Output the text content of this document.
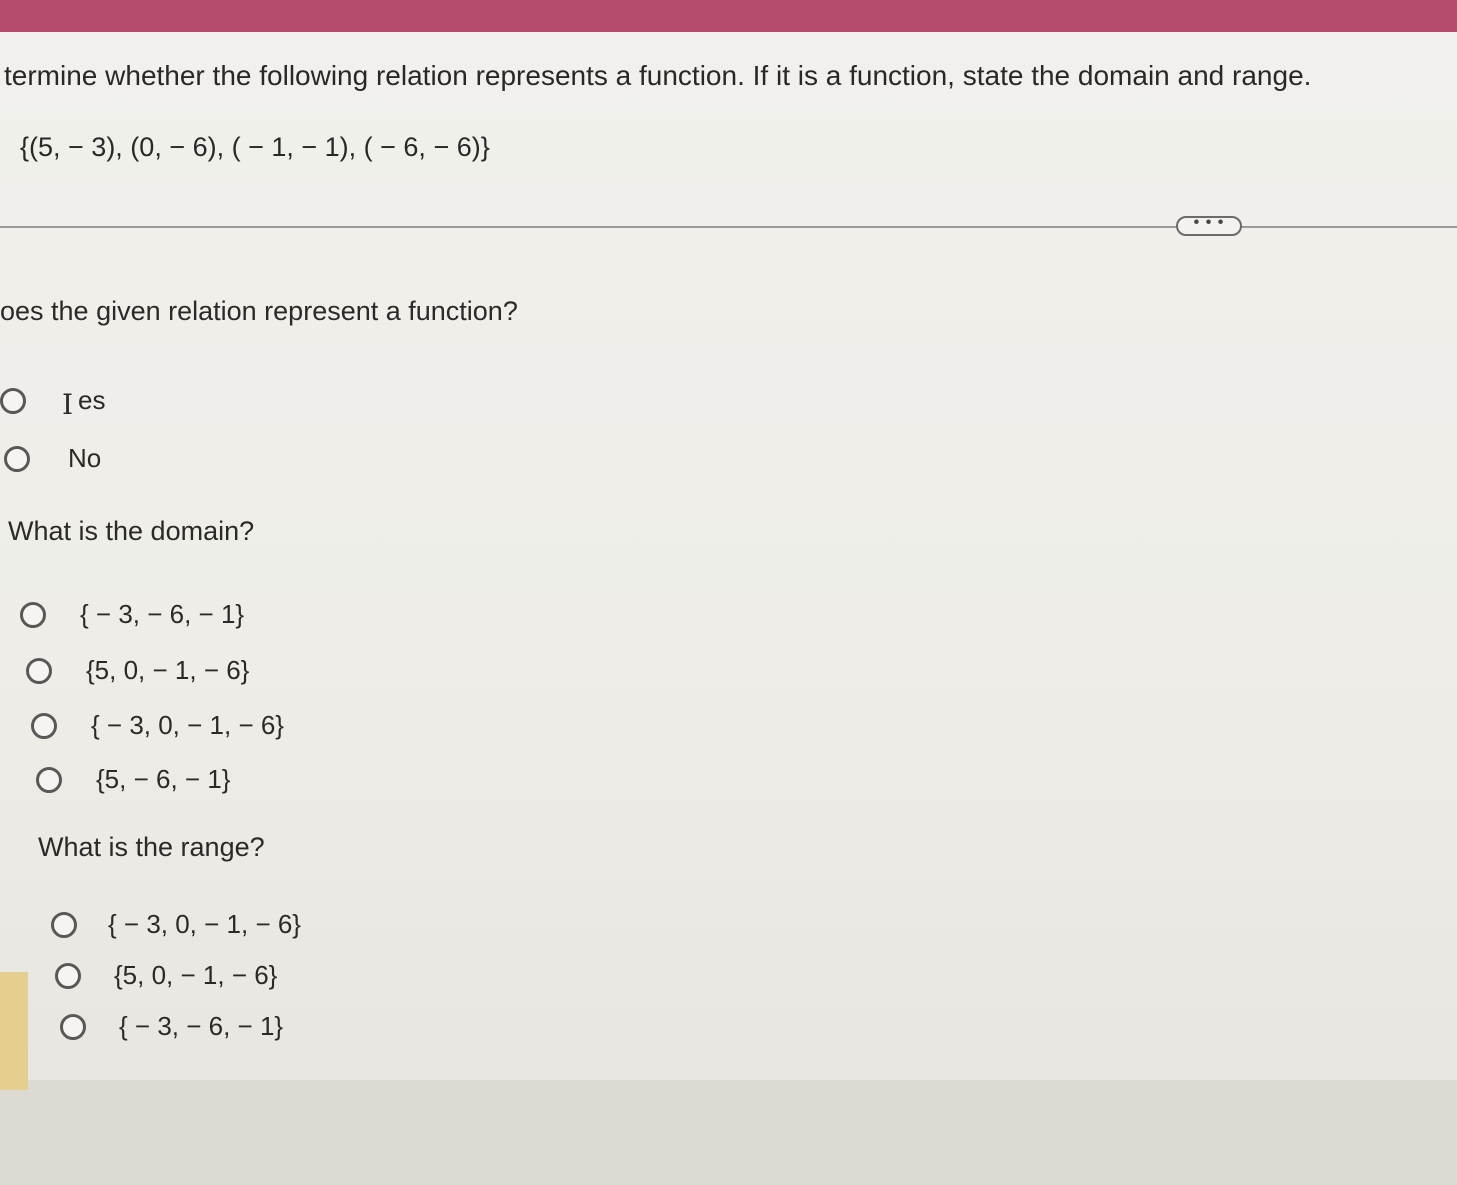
termine whether the following relation represents a function. If it is a function, state the domain and range.
{(5, − 3), (0, − 6), ( − 1, − 1), ( − 6, − 6)}
• • •
oes the given relation represent a function?
I es
No
What is the domain?
{ − 3, − 6, − 1}
{5, 0, − 1, − 6}
{ − 3, 0, − 1, − 6}
{5, − 6, − 1}
What is the range?
{ − 3, 0, − 1, − 6}
{5, 0, − 1, − 6}
{ − 3, − 6, − 1}
